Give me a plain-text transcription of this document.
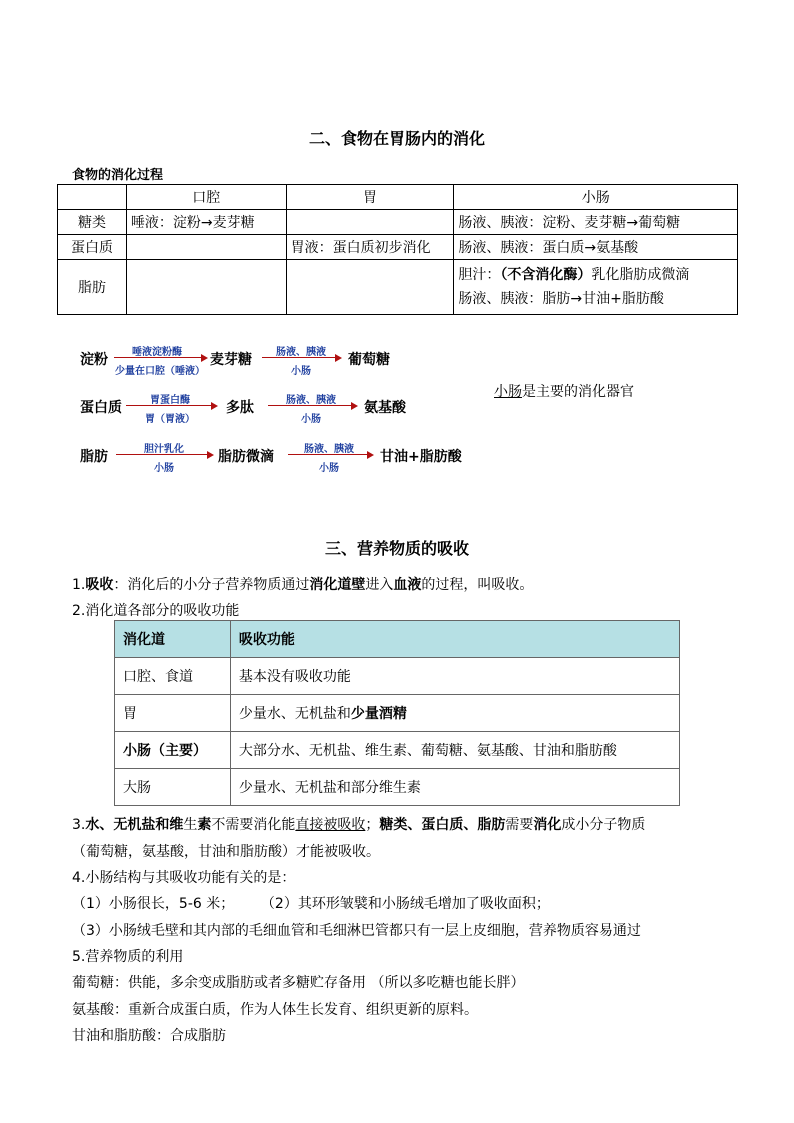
二、食物在胃肠内的消化
食物的消化过程
	口腔	胃	小肠
糖类	唾液：淀粉→麦芽糖		肠液、胰液：淀粉、麦芽糖→葡萄糖
蛋白质		胃液：蛋白质初步消化	肠液、胰液：蛋白质→氨基酸
脂肪			胆汁：（不含消化酶）乳化脂肪成微滴
肠液、胰液：脂肪→甘油+脂肪酸
淀粉	唾液淀粉酶
少量在口腔（唾液）
麦芽糖	肠液、胰液
小肠
葡萄糖
蛋白质	胃蛋白酶
胃（胃液）
多肽	肠液、胰液
小肠
氨基酸
小肠是主要的消化器官
脂肪	胆汁乳化
小肠
脂肪微滴	肠液、胰液
小肠
甘油+脂肪酸
三、营养物质的吸收
1.吸收：消化后的小分子营养物质通过消化道壁进入血液的过程，叫吸收。
2.消化道各部分的吸收功能
消化道	吸收功能
口腔、食道	基本没有吸收功能
胃	少量水、无机盐和少量酒精
小肠（主要）	大部分水、无机盐、维生素、葡萄糖、氨基酸、甘油和脂肪酸
大肠	少量水、无机盐和部分维生素
3.水、无机盐和维生素不需要消化能直接被吸收；糖类、蛋白质、脂肪需要消化成小分子物质
（葡萄糖，氨基酸，甘油和脂肪酸）才能被吸收。
4.小肠结构与其吸收功能有关的是：
（1）小肠很长，5-6 米；      （2）其环形皱襞和小肠绒毛增加了吸收面积；
（3）小肠绒毛壁和其内部的毛细血管和毛细淋巴管都只有一层上皮细胞，营养物质容易通过
5.营养物质的利用
葡萄糖：供能，多余变成脂肪或者多糖贮存备用 （所以多吃糖也能长胖）
氨基酸：重新合成蛋白质，作为人体生长发育、组织更新的原料。
甘油和脂肪酸：合成脂肪
